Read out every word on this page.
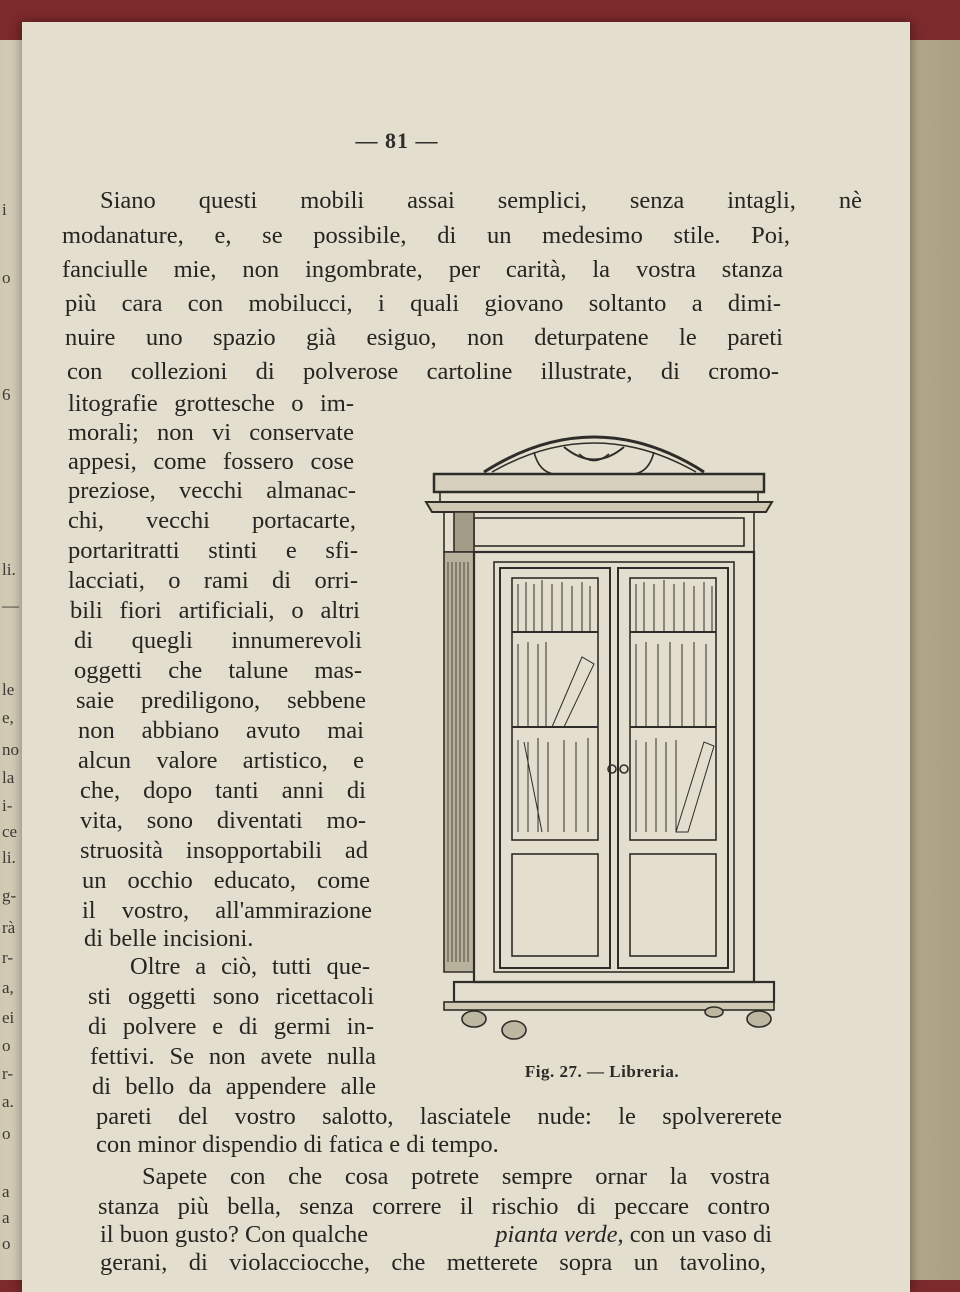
i
o
6
li.
—
le
e,
no
la
i-
ce
li.
g-
rà
r-
a,
ei
o
r-
a.
o
a
a
o
— 81 —
Siano questi mobili assai semplici, senza intagli, nè
modanature, e, se possibile, di un medesimo stile. Poi,
fanciulle mie, non ingombrate, per carità, la vostra stanza
più cara con mobilucci, i quali giovano soltanto a dimi-
nuire uno spazio già esiguo, non deturpatene le pareti
con collezioni di polverose cartoline illustrate, di cromo-
litografie grottesche o im-
morali; non vi conservate
appesi, come fossero cose
preziose, vecchi almanac-
chi, vecchi portacarte,
portaritratti stinti e sfi-
lacciati, o rami di orri-
bili fiori artificiali, o altri
di quegli innumerevoli
oggetti che talune mas-
saie prediligono, sebbene
non abbiano avuto mai
alcun valore artistico, e
che, dopo tanti anni di
vita, sono diventati mo-
struosità insopportabili ad
un occhio educato, come
il vostro, all'ammirazione
di belle incisioni.
Oltre a ciò, tutti que-
sti oggetti sono ricettacoli
di polvere e di germi in-
fettivi. Se non avete nulla
di bello da appendere alle
pareti del vostro salotto, lasciatele nude: le spolvererete
con minor dispendio di fatica e di tempo.
Sapete con che cosa potrete sempre ornar la vostra
stanza più bella, senza correre il rischio di peccare contro
il buon gusto? Con qualche	pianta verde, con un vaso di
gerani, di violacciocche, che metterete sopra un tavolino,
Fig. 27. — Libreria.
